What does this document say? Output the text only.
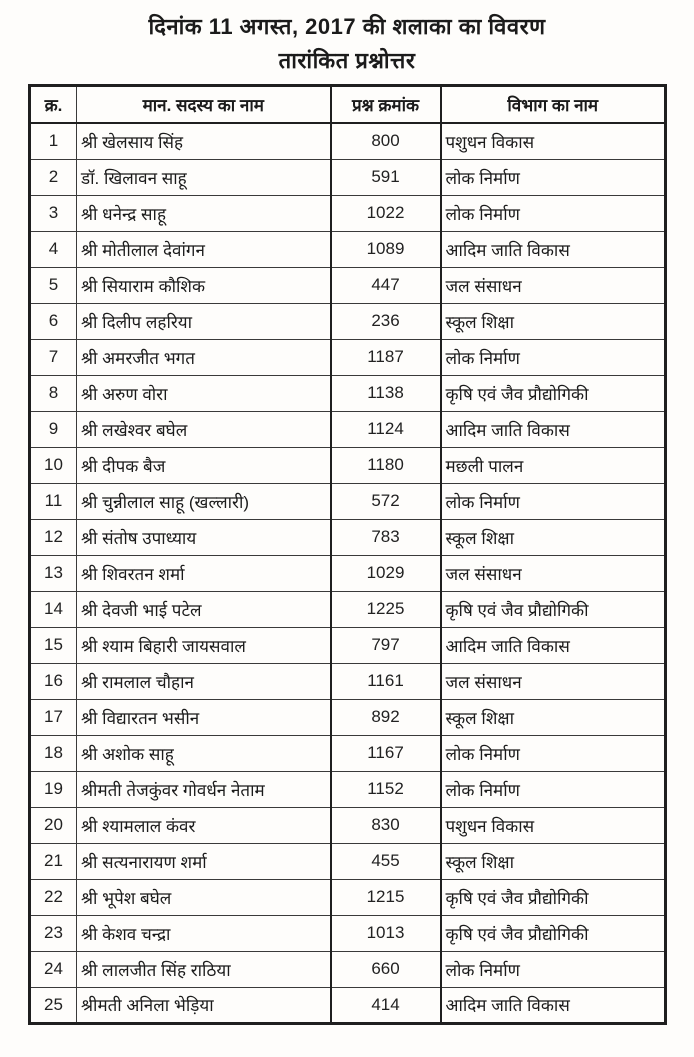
दिनांक 11 अगस्त, 2017 की शलाका का विवरण
तारांकित प्रश्नोत्तर
क्र.	मान. सदस्य का नाम	प्रश्न क्रमांक	विभाग का नाम
1	श्री खेलसाय सिंह	800	पशुधन विकास
2	डॉ. खिलावन साहू	591	लोक निर्माण
3	श्री धनेन्द्र साहू	1022	लोक निर्माण
4	श्री मोतीलाल देवांगन	1089	आदिम जाति विकास
5	श्री सियाराम कौशिक	447	जल संसाधन
6	श्री दिलीप लहरिया	236	स्कूल शिक्षा
7	श्री अमरजीत भगत	1187	लोक निर्माण
8	श्री अरुण वोरा	1138	कृषि एवं जैव प्रौद्योगिकी
9	श्री लखेश्वर बघेल	1124	आदिम जाति विकास
10	श्री दीपक बैज	1180	मछली पालन
11	श्री चुन्नीलाल साहू (खल्लारी)	572	लोक निर्माण
12	श्री संतोष उपाध्याय	783	स्कूल शिक्षा
13	श्री शिवरतन शर्मा	1029	जल संसाधन
14	श्री देवजी भाई पटेल	1225	कृषि एवं जैव प्रौद्योगिकी
15	श्री श्याम बिहारी जायसवाल	797	आदिम जाति विकास
16	श्री रामलाल चौहान	1161	जल संसाधन
17	श्री विद्यारतन भसीन	892	स्कूल शिक्षा
18	श्री अशोक साहू	1167	लोक निर्माण
19	श्रीमती तेजकुंवर गोवर्धन नेताम	1152	लोक निर्माण
20	श्री श्यामलाल कंवर	830	पशुधन विकास
21	श्री सत्यनारायण शर्मा	455	स्कूल शिक्षा
22	श्री भूपेश बघेल	1215	कृषि एवं जैव प्रौद्योगिकी
23	श्री केशव चन्द्रा	1013	कृषि एवं जैव प्रौद्योगिकी
24	श्री लालजीत सिंह राठिया	660	लोक निर्माण
25	श्रीमती अनिला भेड़िया	414	आदिम जाति विकास
